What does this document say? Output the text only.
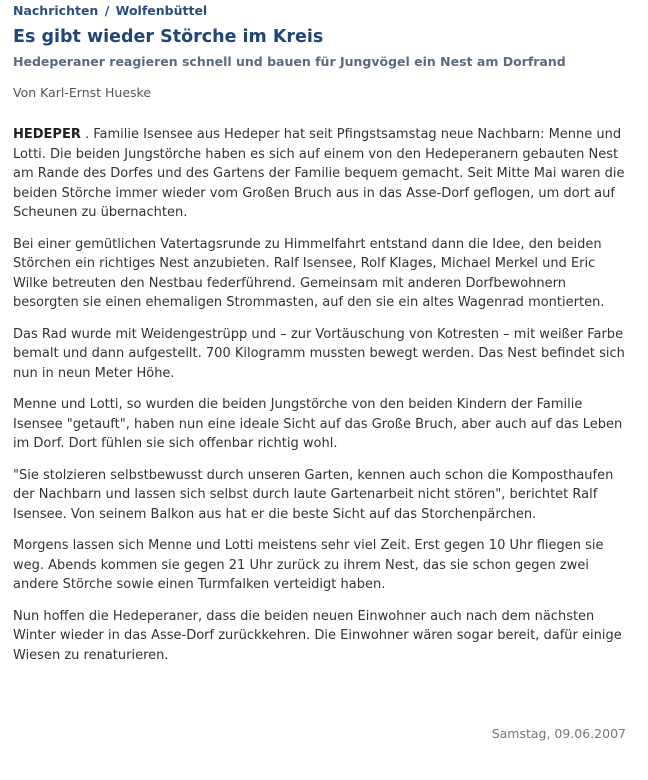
Nachrichten / Wolfenbüttel
Es gibt wieder Störche im Kreis
Hedeperaner reagieren schnell und bauen für Jungvögel ein Nest am Dorfrand
Von Karl-Ernst Hueske

HEDEPER . Familie Isensee aus Hedeper hat seit Pfingstsamstag neue Nachbarn: Menne und Lotti. Die beiden Jungstörche haben es sich auf einem von den Hedeperanern gebauten Nest am Rande des Dorfes und des Gartens der Familie bequem gemacht. Seit Mitte Mai waren die beiden Störche immer wieder vom Großen Bruch aus in das Asse-Dorf geflogen, um dort auf Scheunen zu übernachten.

Bei einer gemütlichen Vatertagsrunde zu Himmelfahrt entstand dann die Idee, den beiden Störchen ein richtiges Nest anzubieten. Ralf Isensee, Rolf Klages, Michael Merkel und Eric Wilke betreuten den Nestbau federführend. Gemeinsam mit anderen Dorfbewohnern besorgten sie einen ehemaligen Strommasten, auf den sie ein altes Wagenrad montierten.

Das Rad wurde mit Weidengestrüpp und – zur Vortäuschung von Kotresten – mit weißer Farbe bemalt und dann aufgestellt. 700 Kilogramm mussten bewegt werden. Das Nest befindet sich nun in neun Meter Höhe.

Menne und Lotti, so wurden die beiden Jungstörche von den beiden Kindern der Familie Isensee "getauft", haben nun eine ideale Sicht auf das Große Bruch, aber auch auf das Leben im Dorf. Dort fühlen sie sich offenbar richtig wohl.

"Sie stolzieren selbstbewusst durch unseren Garten, kennen auch schon die Komposthaufen der Nachbarn und lassen sich selbst durch laute Gartenarbeit nicht stören", berichtet Ralf Isensee. Von seinem Balkon aus hat er die beste Sicht auf das Storchenpärchen.

Morgens lassen sich Menne und Lotti meistens sehr viel Zeit. Erst gegen 10 Uhr fliegen sie weg. Abends kommen sie gegen 21 Uhr zurück zu ihrem Nest, das sie schon gegen zwei andere Störche sowie einen Turmfalken verteidigt haben.

Nun hoffen die Hedeperaner, dass die beiden neuen Einwohner auch nach dem nächsten Winter wieder in das Asse-Dorf zurückkehren. Die Einwohner wären sogar bereit, dafür einige Wiesen zu renaturieren.

Samstag, 09.06.2007
